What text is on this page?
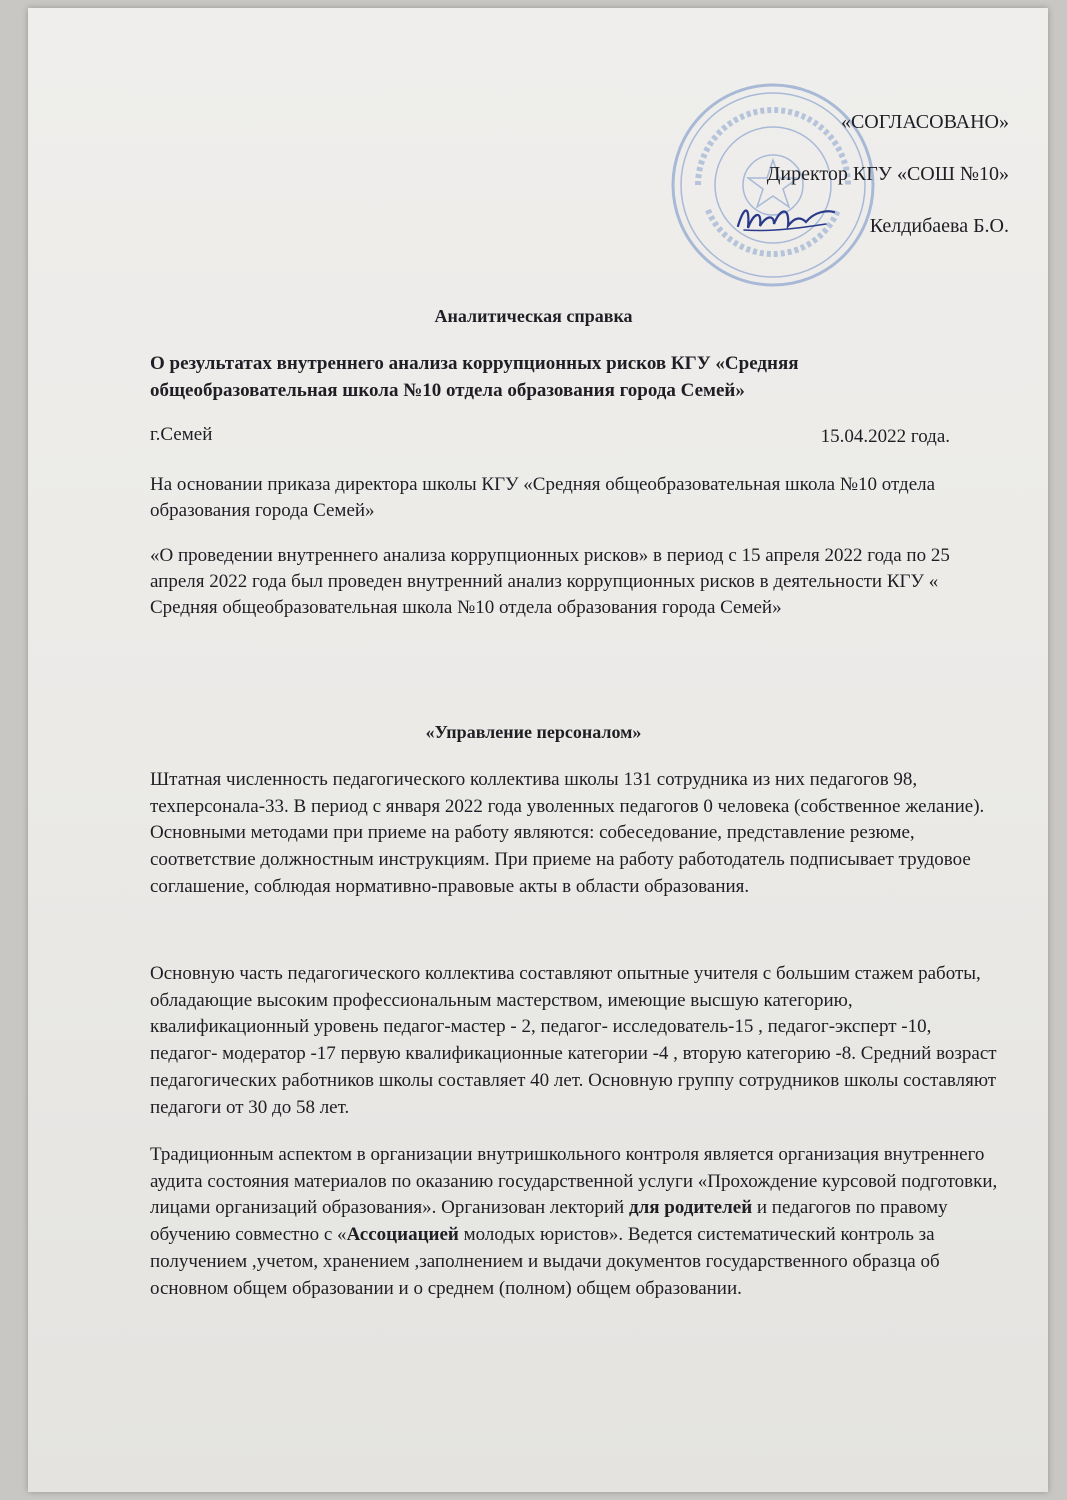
«СОГЛАСОВАНО»
Директор КГУ «СОШ №10»
Келдибаева Б.О.
Аналитическая справка
О результатах внутреннего анализа коррупционных рисков КГУ «Средняя общеобразовательная школа №10 отдела образования города Семей»
г.Семей	15.04.2022 года.
На основании приказа директора школы КГУ «Средняя общеобразовательная школа №10 отдела образования города Семей»
«О проведении внутреннего анализа коррупционных рисков» в период с 15 апреля 2022 года по 25 апреля 2022 года был проведен внутренний анализ коррупционных рисков в деятельности КГУ « Средняя общеобразовательная школа №10 отдела образования города Семей»
«Управление персоналом»
Штатная численность педагогического коллектива школы 131 сотрудника из них педагогов 98, техперсонала-33. В период с января 2022 года уволенных педагогов 0 человека (собственное желание). Основными методами при приеме на работу являются: собеседование, представление резюме, соответствие должностным инструкциям. При приеме на работу работодатель подписывает трудовое соглашение, соблюдая нормативно-правовые акты в области образования.
Основную часть педагогического коллектива составляют опытные учителя с большим стажем работы, обладающие высоким профессиональным мастерством, имеющие высшую категорию, квалификационный уровень педагог-мастер - 2, педагог- исследователь-15 , педагог-эксперт -10, педагог- модератор -17 первую квалификационные категории -4 , вторую категорию -8. Средний возраст педагогических работников школы составляет 40 лет. Основную группу сотрудников школы составляют педагоги от 30 до 58 лет.
Традиционным аспектом в организации внутришкольного контроля является организация внутреннего аудита состояния материалов по оказанию государственной услуги «Прохождение курсовой подготовки, лицами организаций образования». Организован лекторий для родителей и педагогов по правому обучению совместно с «Ассоциацией молодых юристов». Ведется систематический контроль за получением ,учетом, хранением ,заполнением и выдачи документов государственного образца об основном общем образовании и о среднем (полном) общем образовании.
